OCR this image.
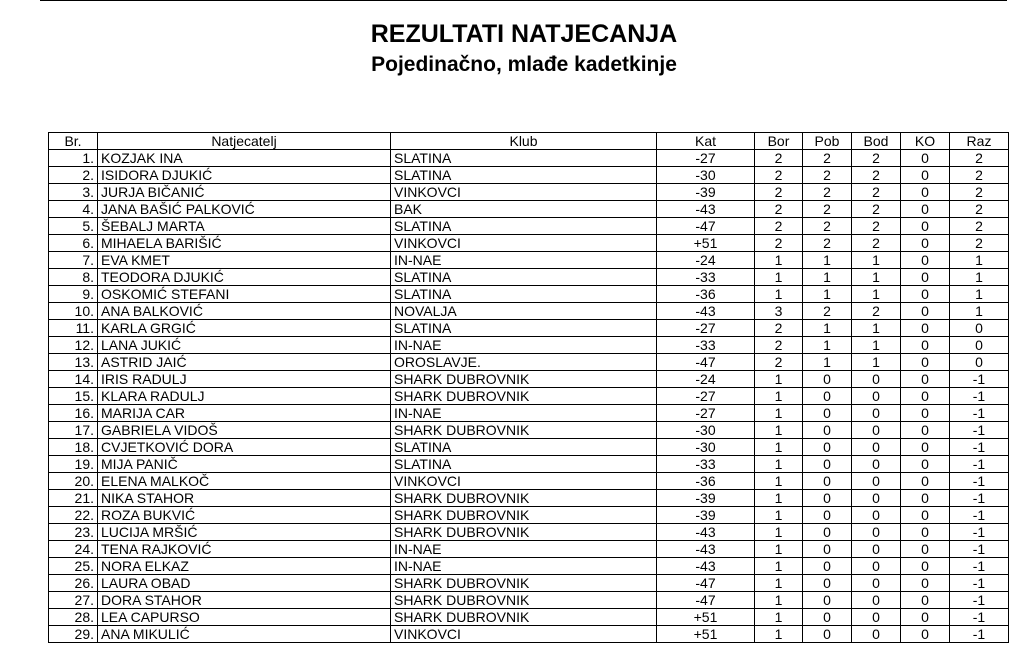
REZULTATI NATJECANJA
Pojedinačno, mlađe kadetkinje
Br.	Natjecatelj	Klub	Kat	Bor	Pob	Bod	KO	Raz
1.	KOZJAK INA	SLATINA	-27	2	2	2	0	2
2.	ISIDORA DJUKIĆ	SLATINA	-30	2	2	2	0	2
3.	JURJA BIČANIĆ	VINKOVCI	-39	2	2	2	0	2
4.	JANA BAŠIĆ PALKOVIĆ	BAK	-43	2	2	2	0	2
5.	ŠEBALJ MARTA	SLATINA	-47	2	2	2	0	2
6.	MIHAELA BARIŠIĆ	VINKOVCI	+51	2	2	2	0	2
7.	EVA KMET	IN-NAE	-24	1	1	1	0	1
8.	TEODORA DJUKIĆ	SLATINA	-33	1	1	1	0	1
9.	OSKOMIĆ STEFANI	SLATINA	-36	1	1	1	0	1
10.	ANA BALKOVIĆ	NOVALJA	-43	3	2	2	0	1
11.	KARLA GRGIĆ	SLATINA	-27	2	1	1	0	0
12.	LANA JUKIĆ	IN-NAE	-33	2	1	1	0	0
13.	ASTRID JAIĆ	OROSLAVJE.	-47	2	1	1	0	0
14.	IRIS RADULJ	SHARK DUBROVNIK	-24	1	0	0	0	-1
15.	KLARA RADULJ	SHARK DUBROVNIK	-27	1	0	0	0	-1
16.	MARIJA CAR	IN-NAE	-27	1	0	0	0	-1
17.	GABRIELA VIDOŠ	SHARK DUBROVNIK	-30	1	0	0	0	-1
18.	CVJETKOVIĆ DORA	SLATINA	-30	1	0	0	0	-1
19.	MIJA PANIČ	SLATINA	-33	1	0	0	0	-1
20.	ELENA MALKOČ	VINKOVCI	-36	1	0	0	0	-1
21.	NIKA STAHOR	SHARK DUBROVNIK	-39	1	0	0	0	-1
22.	ROZA BUKVIĆ	SHARK DUBROVNIK	-39	1	0	0	0	-1
23.	LUCIJA MRŠIĆ	SHARK DUBROVNIK	-43	1	0	0	0	-1
24.	TENA RAJKOVIĆ	IN-NAE	-43	1	0	0	0	-1
25.	NORA ELKAZ	IN-NAE	-43	1	0	0	0	-1
26.	LAURA OBAD	SHARK DUBROVNIK	-47	1	0	0	0	-1
27.	DORA STAHOR	SHARK DUBROVNIK	-47	1	0	0	0	-1
28.	LEA CAPURSO	SHARK DUBROVNIK	+51	1	0	0	0	-1
29.	ANA MIKULIĆ	VINKOVCI	+51	1	0	0	0	-1
